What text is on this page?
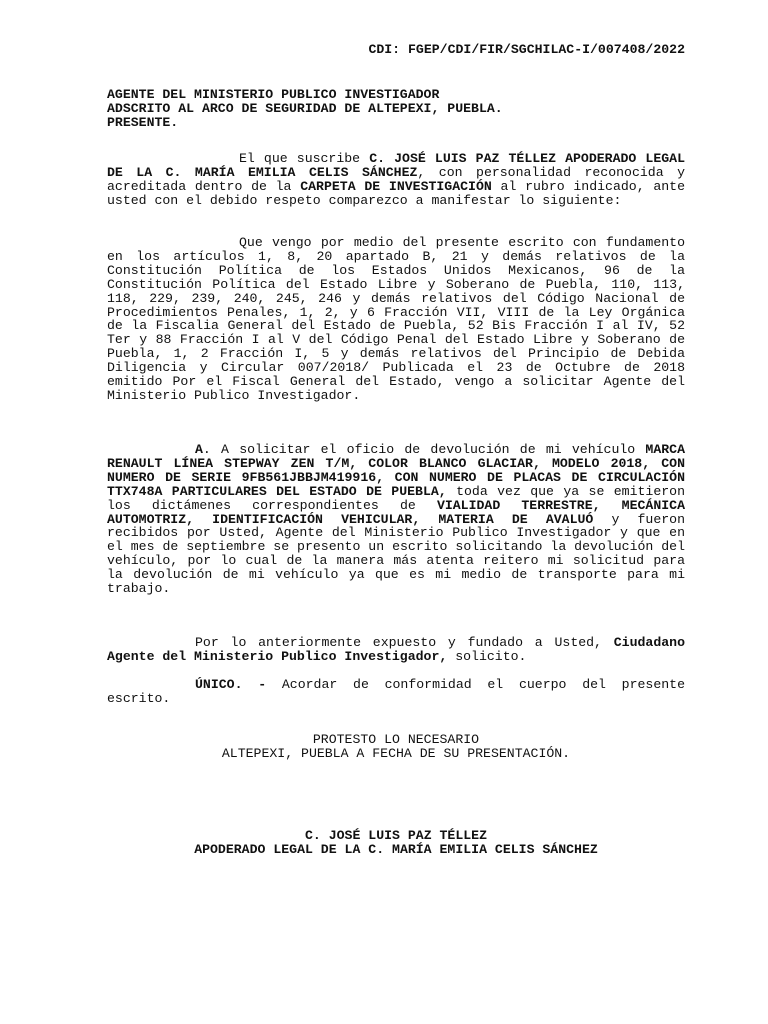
CDI: FGEP/CDI/FIR/SGCHILAC-I/007408/2022
AGENTE DEL MINISTERIO PUBLICO INVESTIGADOR
ADSCRITO AL ARCO DE SEGURIDAD DE ALTEPEXI, PUEBLA.
PRESENTE.
El que suscribe C. JOSÉ LUIS PAZ TÉLLEZ APODERADO LEGAL DE LA C. MARÍA EMILIA CELIS SÁNCHEZ, con personalidad reconocida y acreditada dentro de la CARPETA DE INVESTIGACIÓN al rubro indicado, ante usted con el debido respeto comparezco a manifestar lo siguiente:
Que vengo por medio del presente escrito con fundamento en los artículos 1, 8, 20 apartado B, 21 y demás relativos de la Constitución Política de los Estados Unidos Mexicanos, 96 de la Constitución Política del Estado Libre y Soberano de Puebla, 110, 113, 118, 229, 239, 240, 245, 246 y demás relativos del Código Nacional de Procedimientos Penales, 1, 2, y 6 Fracción VII, VIII de la Ley Orgánica de la Fiscalia General del Estado de Puebla, 52 Bis Fracción I al IV, 52 Ter y 88 Fracción I al V del Código Penal del Estado Libre y Soberano de Puebla, 1, 2 Fracción I, 5 y demás relativos del Principio de Debida Diligencia y Circular 007/2018/ Publicada el 23 de Octubre de 2018 emitido Por el Fiscal General del Estado, vengo a solicitar Agente del Ministerio Publico Investigador.
A. A solicitar el oficio de devolución de mi vehículo MARCA RENAULT LÍNEA STEPWAY ZEN T/M, COLOR BLANCO GLACIAR, MODELO 2018, CON NUMERO DE SERIE 9FB561JBBJM419916, CON NUMERO DE PLACAS DE CIRCULACIÓN TTX748A PARTICULARES DEL ESTADO DE PUEBLA, toda vez que ya se emitieron los dictámenes correspondientes de VIALIDAD TERRESTRE, MECÁNICA AUTOMOTRIZ, IDENTIFICACIÓN VEHICULAR, MATERIA DE AVALUÓ y fueron recibidos por Usted, Agente del Ministerio Publico Investigador y que en el mes de septiembre se presento un escrito solicitando la devolución del vehículo, por lo cual de la manera más atenta reitero mi solicitud para la devolución de mi vehículo ya que es mi medio de transporte para mi trabajo.
Por lo anteriormente expuesto y fundado a Usted, Ciudadano Agente del Ministerio Publico Investigador, solicito.
ÚNICO. - Acordar de conformidad el cuerpo del presente escrito.
PROTESTO LO NECESARIO
ALTEPEXI, PUEBLA A FECHA DE SU PRESENTACIÓN.
C. JOSÉ LUIS PAZ TÉLLEZ
APODERADO LEGAL DE LA C. MARÍA EMILIA CELIS SÁNCHEZ
